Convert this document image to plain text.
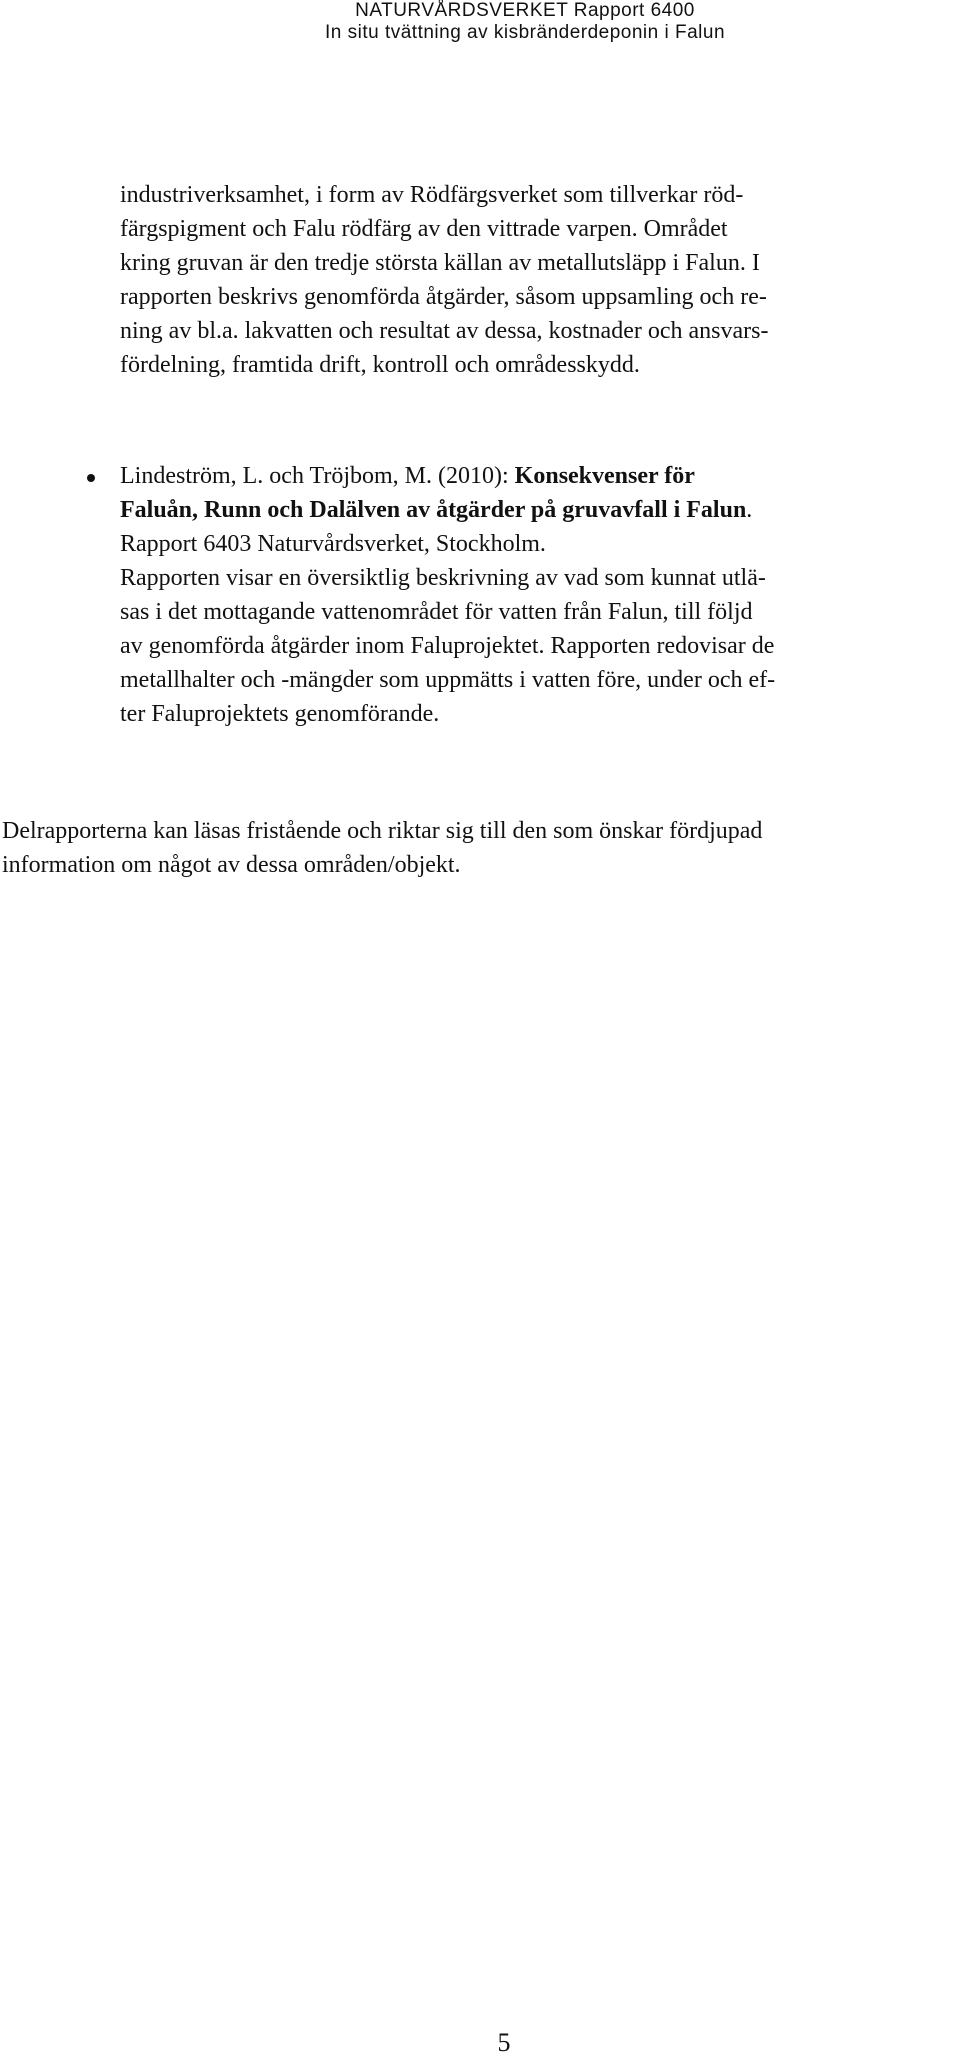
NATURVÅRDSVERKET Rapport 6400
In situ tvättning av kisbränderdeponin i Falun
industriverksamhet, i form av Rödfärgsverket som tillverkar röd-
färgspigment och Falu rödfärg av den vittrade varpen. Området
kring gruvan är den tredje största källan av metallutsläpp i Falun. I
rapporten beskrivs genomförda åtgärder, såsom uppsamling och re-
ning av bl.a. lakvatten och resultat av dessa, kostnader och ansvars-
fördelning, framtida drift, kontroll och områdesskydd.
Lindeström, L. och Tröjbom, M. (2010): Konsekvenser för
Faluån, Runn och Dalälven av åtgärder på gruvavfall i Falun.
Rapport 6403 Naturvårdsverket, Stockholm.
Rapporten visar en översiktlig beskrivning av vad som kunnat utlä-
sas i det mottagande vattenområdet för vatten från Falun, till följd
av genomförda åtgärder inom Faluprojektet. Rapporten redovisar de
metallhalter och -mängder som uppmätts i vatten före, under och ef-
ter Faluprojektets genomförande.
Delrapporterna kan läsas fristående och riktar sig till den som önskar fördjupad
information om något av dessa områden/objekt.
5
